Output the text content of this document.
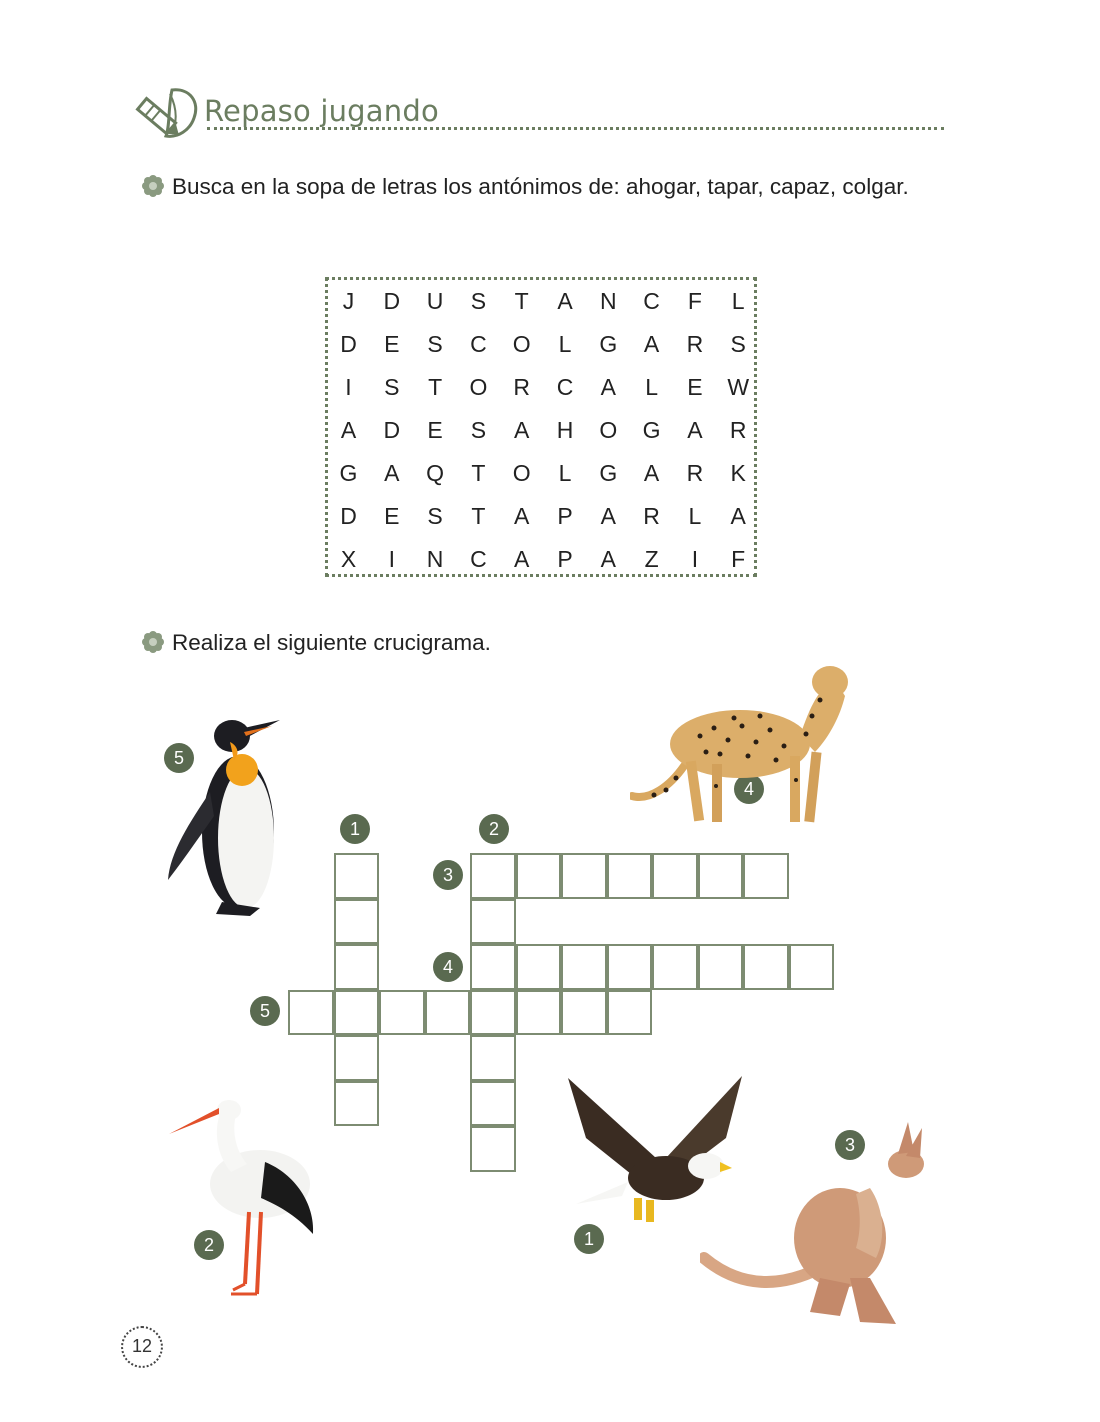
Repaso jugando
Busca en la sopa de letras los antónimos de: ahogar, tapar, capaz, colgar.
J	D	U	S	T	A	N	C	F	L
D	E	S	C	O	L	G	A	R	S
I	S	T	O	R	C	A	L	E	W
A	D	E	S	A	H	O	G	A	R
G	A	Q	T	O	L	G	A	R	K
D	E	S	T	A	P	A	R	L	A
X	I	N	C	A	P	A	Z	I	F
Realiza el siguiente crucigrama.
1	2
3
4
5
5
4
2	1
3
12
